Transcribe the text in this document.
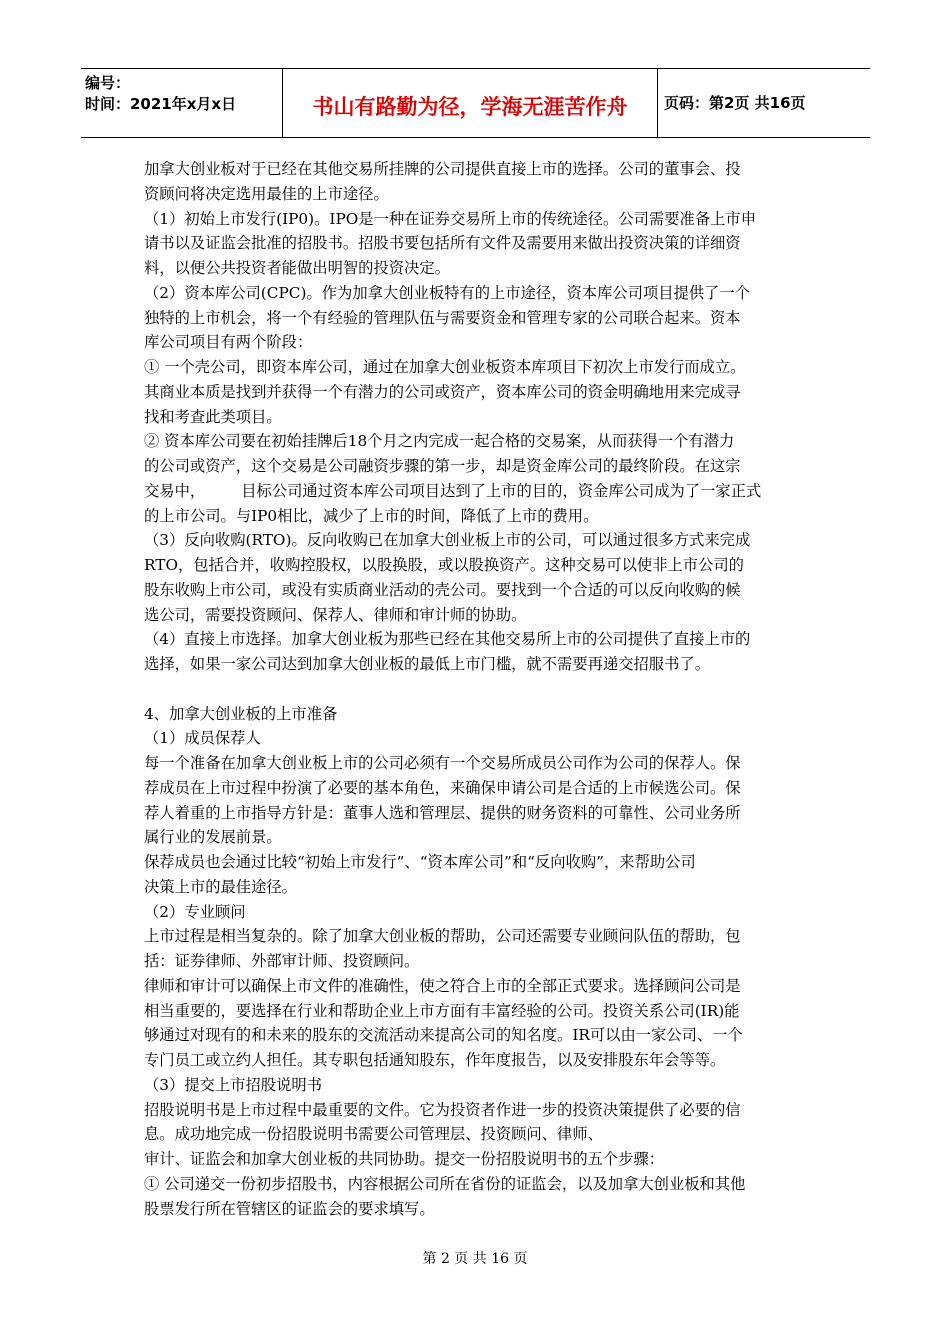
编号：
时间：2021年x月x日	书山有路勤为径，学海无涯苦作舟	页码：第2页 共16页
加拿大创业板对于已经在其他交易所挂牌的公司提供直接上市的选择。公司的董事会、投
资顾问将决定选用最佳的上市途径。
（1）初始上市发行(IP0)。IPO是一种在证券交易所上市的传统途径。公司需要准备上市申
请书以及证监会批准的招股书。招股书要包括所有文件及需要用来做出投资决策的详细资
料，以便公共投资者能做出明智的投资决定。
（2）资本库公司(CPC)。作为加拿大创业板特有的上市途径，资本库公司项目提供了一个
独特的上市机会，将一个有经验的管理队伍与需要资金和管理专家的公司联合起来。资本
库公司项目有两个阶段：
① 一个壳公司，即资本库公司，通过在加拿大创业板资本库项目下初次上市发行而成立。
其商业本质是找到并获得一个有潜力的公司或资产，资本库公司的资金明确地用来完成寻
找和考查此类项目。
② 资本库公司要在初始挂牌后18个月之内完成一起合格的交易案，从而获得一个有潜力
的公司或资产，这个交易是公司融资步骤的第一步，却是资金库公司的最终阶段。在这宗
交易中， 目标公司通过资本库公司项目达到了上市的目的，资金库公司成为了一家正式
的上市公司。与IP0相比，减少了上市的时间，降低了上市的费用。
（3）反向收购(RTO)。反向收购已在加拿大创业板上市的公司，可以通过很多方式来完成
RTO，包括合并，收购控股权，以股换股，或以股换资产。这种交易可以使非上市公司的
股东收购上市公司，或没有实质商业活动的壳公司。要找到一个合适的可以反向收购的候
选公司，需要投资顾问、保荐人、律师和审计师的协助。
（4）直接上市选择。加拿大创业板为那些已经在其他交易所上市的公司提供了直接上市的
选择，如果一家公司达到加拿大创业板的最低上市门槛，就不需要再递交招服书了。
4、加拿大创业板的上市准备
（1）成员保荐人
每一个准备在加拿大创业板上市的公司必须有一个交易所成员公司作为公司的保荐人。保
荐成员在上市过程中扮演了必要的基本角色，来确保申请公司是合适的上市候选公司。保
荐人着重的上市指导方针是：董事人选和管理层、提供的财务资料的可靠性、公司业务所
属行业的发展前景。
保荐成员也会通过比较“初始上市发行”、“资本库公司”和“反向收购”，来帮助公司
决策上市的最佳途径。
（2）专业顾问
上市过程是相当复杂的。除了加拿大创业板的帮助，公司还需要专业顾问队伍的帮助，包
括：证券律师、外部审计师、投资顾问。
律师和审计可以确保上市文件的准确性，使之符合上市的全部正式要求。选择顾问公司是
相当重要的，要选择在行业和帮助企业上市方面有丰富经验的公司。投资关系公司(IR)能
够通过对现有的和未来的股东的交流活动来提高公司的知名度。IR可以由一家公司、一个
专门员工或立约人担任。其专职包括通知股东，作年度报告，以及安排股东年会等等。
（3）提交上市招股说明书
招股说明书是上市过程中最重要的文件。它为投资者作进一步的投资决策提供了必要的信
息。成功地完成一份招股说明书需要公司管理层、投资顾问、律师、
审计、证监会和加拿大创业板的共同协助。提交一份招股说明书的五个步骤：
① 公司递交一份初步招股书，内容根据公司所在省份的证监会，以及加拿大创业板和其他
股票发行所在管辖区的证监会的要求填写。
第 2 页 共 16 页
